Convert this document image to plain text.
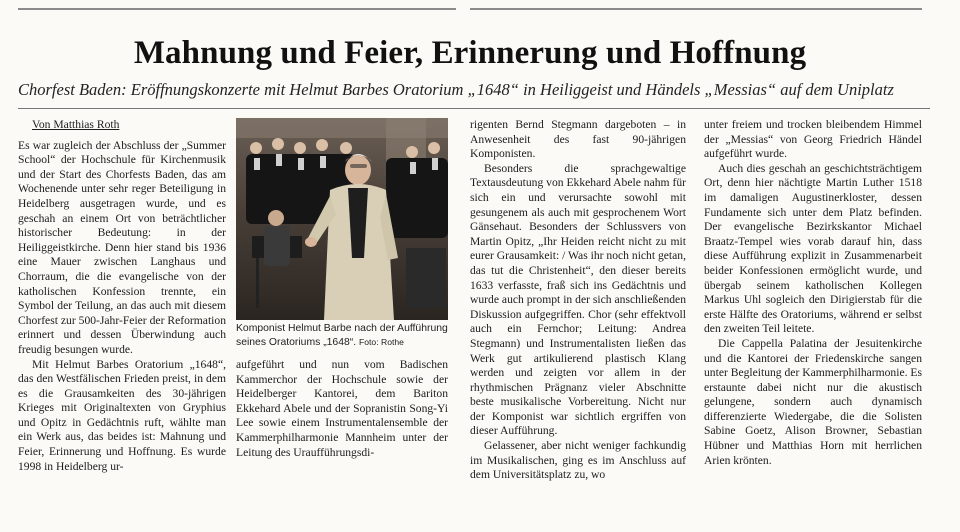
Mahnung und Feier, Erinnerung und Hoffnung
Chorfest Baden: Eröffnungskonzerte mit Helmut Barbes Oratorium „1648“ in Heiliggeist und Händels „Messias“ auf dem Uniplatz

Von Matthias Roth

Es war zugleich der Abschluss der „Summer School“ der Hochschule für Kirchenmusik und der Start des Chorfests Baden, das am Wochenende unter sehr reger Beteiligung in Heidelberg ausgetragen wurde, und es geschah an einem Ort von beträchtlicher historischer Bedeutung: in der Heiliggeistkirche. Denn hier stand bis 1936 eine Mauer zwischen Langhaus und Chorraum, die die evangelische von der katholischen Konfession trennte, ein Symbol der Teilung, an das auch mit diesem Chorfest zur 500-Jahr-Feier der Reformation erinnert und dessen Überwindung auch freudig besungen wurde.

Mit Helmut Barbes Oratorium „1648“, das den Westfälischen Frieden preist, in dem es die Grausamkeiten des 30-jährigen Krieges mit Originaltexten von Gryphius und Opitz in Gedächtnis ruft, wählte man ein Werk aus, das beides ist: Mahnung und Feier, Erinnerung und Hoffnung. Es wurde 1998 in Heidelberg ur-

Komponist Helmut Barbe nach der Aufführung seines Oratoriums „1648“. Foto: Rothe

aufgeführt und nun vom Badischen Kammerchor der Hochschule sowie der Heidelberger Kantorei, dem Bariton Ekkehard Abele und der Sopranistin Song-Yi Lee sowie einem Instrumentalensemble der Kammerphilharmonie Mannheim unter der Leitung des Uraufführungsdi-

rigenten Bernd Stegmann dargeboten – in Anwesenheit des fast 90-jährigen Komponisten.

Besonders die sprachgewaltige Textausdeutung von Ekkehard Abele nahm für sich ein und verursachte sowohl mit gesungenem als auch mit gesprochenem Wort Gänsehaut. Besonders der Schlussvers von Martin Opitz, „Ihr Heiden reicht nicht zu mit eurer Grausamkeit: / Was ihr noch nicht getan, das tut die Christenheit“, den dieser bereits 1633 verfasste, fraß sich ins Gedächtnis und wurde auch prompt in der sich anschließenden Diskussion aufgegriffen. Chor (sehr effektvoll auch ein Fernchor; Leitung: Andrea Stegmann) und Instrumentalisten ließen das Werk gut artikulierend plastisch Klang werden und zeigten vor allem in der rhythmischen Prägnanz vieler Abschnitte beste musikalische Vorbereitung. Nicht nur der Komponist war sichtlich ergriffen von dieser Aufführung.

Gelassener, aber nicht weniger fachkundig im Musikalischen, ging es im Anschluss auf dem Universitätsplatz zu, wo

unter freiem und trocken bleibendem Himmel der „Messias“ von Georg Friedrich Händel aufgeführt wurde.

Auch dies geschah an geschichtsträchtigem Ort, denn hier nächtigte Martin Luther 1518 im damaligen Augustinerkloster, dessen Fundamente sich unter dem Platz befinden. Der evangelische Bezirkskantor Michael Braatz-Tempel wies vorab darauf hin, dass diese Aufführung explizit in Zusammenarbeit beider Konfessionen ermöglicht wurde, und übergab seinem katholischen Kollegen Markus Uhl sogleich den Dirigierstab für die erste Hälfte des Oratoriums, während er selbst den zweiten Teil leitete.

Die Cappella Palatina der Jesuitenkirche und die Kantorei der Friedenskirche sangen unter Begleitung der Kammerphilharmonie. Es erstaunte dabei nicht nur die akustisch gelungene, sondern auch dynamisch differenzierte Wiedergabe, die die Solisten Sabine Goetz, Alison Browner, Sebastian Hübner und Matthias Horn mit herrlichen Arien krönten.
